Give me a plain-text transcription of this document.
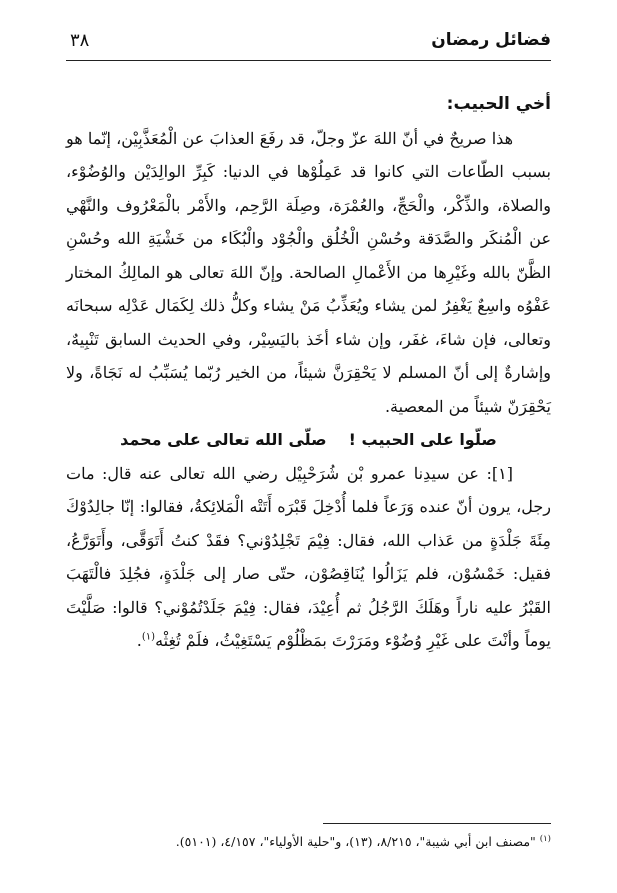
فضائل رمضان
٣٨

أخي الحبيب:

هذا صريحٌ في أنّ اللهَ عزّ وجلّ، قد رفَعَ العذابَ عن الْمُعَذَّبِيْن، إنّما هو بسبب الطّاعات التي كانوا قد عَمِلُوْها في الدنيا: كَبِرِّ الوالِدَيْن والوُضُوْء، والصلاة، والذِّكْر، والْحَجِّ، والعُمْرَة، وصِلَة الرَّحِم، والأَمْر بالْمَعْرُوف والنَّهْي عن الْمُنكَر والصَّدَقة وحُسْنِ الْخُلُق والْجُوْد والْبُكَاء من خَشْيَةِ الله وحُسْنِ الظَّنّ بالله وغَيْرِها من الأَعْمالِ الصالحة. وإنّ اللهَ تعالى هو المالِكُ المختار عَفْوُه واسِعٌ يَغْفِرُ لمن يشاء ويُعَذِّبُ مَنْ يشاء وكلُّ ذلك لِكَمَال عَدْلِه سبحانَه وتعالى، فإن شاءَ، غفَر، وإن شاء أخَذ باليَسِيْر، وفي الحديث السابق تَنْبِيهٌ، وإشارةٌ إلى أنّ المسلم لا يَحْقِرَنَّ شيئاً، من الخير رُبّما يُسَبِّبُ له نَجَاةً، ولا يَحْقِرَنّ شيئاً من المعصية.

صلّوا على الحبيب !صلّى الله تعالى على محمد

[١]: عن سيدِنا عمرو بْن شُرَحْبِيْل رضي الله تعالى عنه قال: مات رجل، يرون أنّ عنده وَرَعاً فلما أُدْخِلَ قَبْرَه أَتَتْه الْمَلائِكةُ، فقالوا: إنّا جالِدُوْكَ مِئَةَ جَلْدَةٍ من عَذاب الله، فقال: فِيْمَ تَجْلِدُوْني؟ فقَدْ كنتُ أَتَوَقَّى، وأَتَوَرَّعُ، فقيل: خَمْسُوْن، فلم يَزَالُوا يُنَاقِصُوْن، حتّى صار إلى جَلْدَةٍ، فجُلِدَ فالْتَهَبَ القَبْرُ عليه ناراً وهَلَكَ الرَّجُلُ ثم أُعِيْدَ، فقال: فِيْمَ جَلَدْتُمُوْني؟ قالوا: صَلَّيْتَ يوماً وأنْتَ على غَيْرِ وُضُوْء ومَرَرْتَ بمَظْلُوْم يَسْتَغِيْثُ، فلَمْ تُغِثْه$^{(١)}$.

$^{(١)}$ "مصنف ابن أبي شيبة"، ٨/٢١٥، (١٣)، و"حلية الأولياء"، ٤/١٥٧، (٥١٠١).
